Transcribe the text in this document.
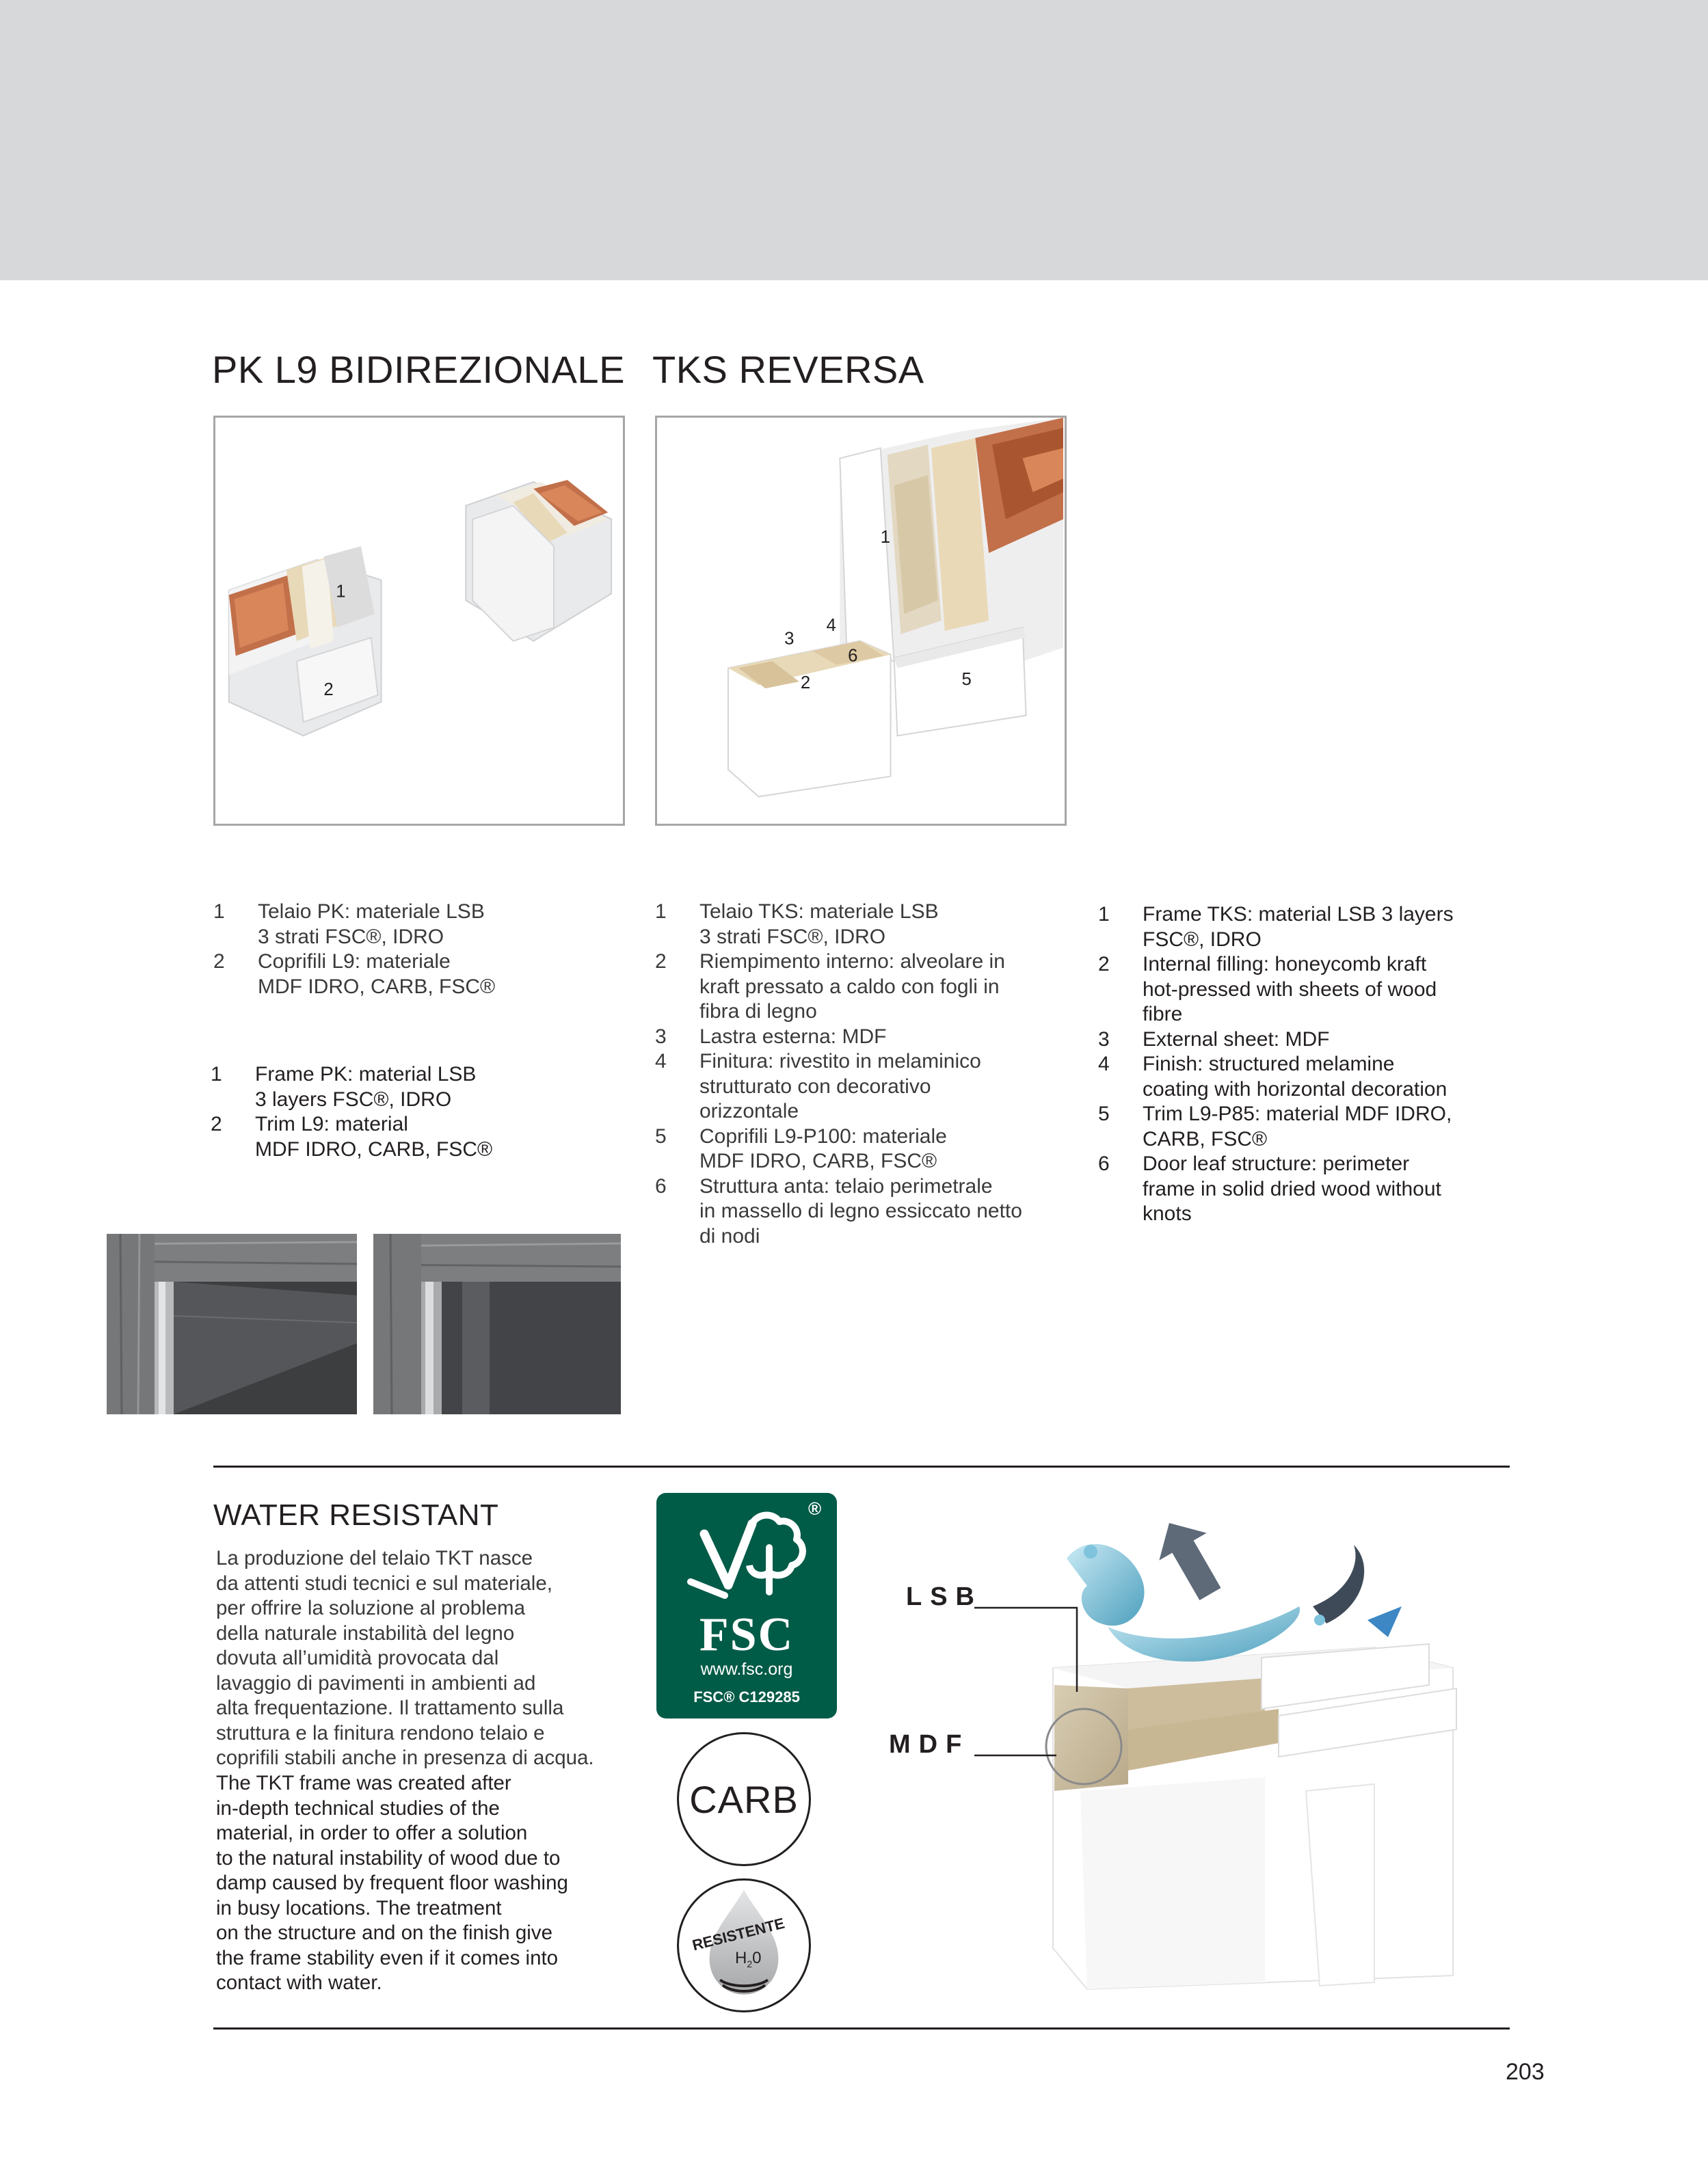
PK L9 BIDIREZIONALE TKS REVERSA
1
2
1
2
3
4
5
6
1	Telaio PK: materiale LSB
3 strati FSC®, IDRO
2	Coprifili L9: materiale
MDF IDRO, CARB, FSC®
1	Frame PK: material LSB
3 layers FSC®, IDRO
2	Trim L9: material
MDF IDRO, CARB, FSC®
1	Telaio TKS: materiale LSB
3 strati FSC®, IDRO
2	Riempimento interno: alveolare in
kraft pressato a caldo con fogli in
fibra di legno
3	Lastra esterna: MDF
4	Finitura: rivestito in melaminico
strutturato con decorativo
orizzontale
5	Coprifili L9-P100: materiale
MDF IDRO, CARB, FSC®
6	Struttura anta: telaio perimetrale
in massello di legno essiccato netto
di nodi
1	Frame TKS: material LSB 3 layers
FSC®, IDRO
2	Internal filling: honeycomb kraft
hot-pressed with sheets of wood
fibre
3	External sheet: MDF
4	Finish: structured melamine
coating with horizontal decoration
5	Trim L9-P85: material MDF IDRO,
CARB, FSC®
6	Door leaf structure: perimeter
frame in solid dried wood without
knots
WATER RESISTANT
La produzione del telaio TKT nasce
da attenti studi tecnici e sul materiale,
per offrire la soluzione al problema
della naturale instabilità del legno
dovuta all’umidità provocata dal
lavaggio di pavimenti in ambienti ad
alta frequentazione. Il trattamento sulla
struttura e la finitura rendono telaio e
coprifili stabili anche in presenza di acqua.
The TKT frame was created after
in-depth technical studies of the
material, in order to offer a solution
to the natural instability of wood due to
damp caused by frequent floor washing
in busy locations. The treatment
on the structure and on the finish give
the frame stability even if it comes into
contact with water.
®
FSC
www.fsc.org
FSC® C129285
CARB
RESISTENTE
$H_20$
LSB
MDF
203
